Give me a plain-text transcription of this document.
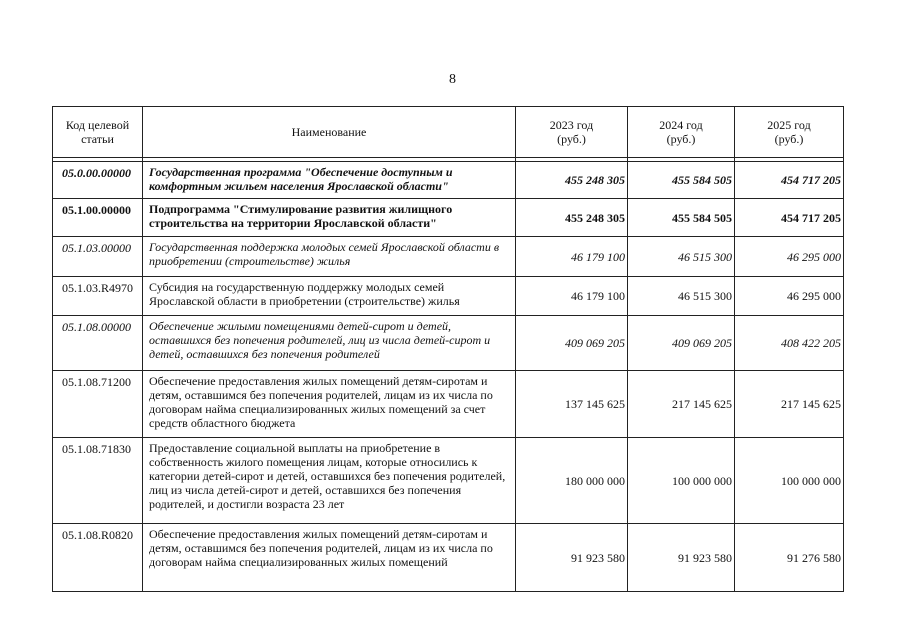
8
Код целевой статьи	Наименование	2023 год (руб.)	2024 год (руб.)	2025 год (руб.)

05.0.00.00000	Государственная программа "Обеспечение доступным и комфортным жильем населения Ярославской области"	455 248 305	455 584 505	454 717 205
05.1.00.00000	Подпрограмма "Стимулирование развития жилищного строительства на территории Ярославской области"	455 248 305	455 584 505	454 717 205
05.1.03.00000	Государственная поддержка молодых семей Ярославской области в приобретении (строительстве) жилья	46 179 100	46 515 300	46 295 000
05.1.03.R4970	Субсидия на государственную поддержку молодых семей Ярославской области в приобретении (строительстве) жилья	46 179 100	46 515 300	46 295 000
05.1.08.00000	Обеспечение жилыми помещениями детей-сирот и детей, оставшихся без попечения родителей, лиц из числа детей-сирот и детей, оставшихся без попечения родителей	409 069 205	409 069 205	408 422 205
05.1.08.71200	Обеспечение предоставления жилых помещений детям-сиротам и детям, оставшимся без попечения родителей, лицам из их числа по договорам найма специализированных жилых помещений за счет средств областного бюджета	137 145 625	217 145 625	217 145 625
05.1.08.71830	Предоставление социальной выплаты на приобретение в собственность жилого помещения лицам, которые относились к категории детей-сирот и детей, оставшихся без попечения родителей, лиц из числа детей-сирот и детей, оставшихся без попечения родителей, и достигли возраста 23 лет	180 000 000	100 000 000	100 000 000
05.1.08.R0820	Обеспечение предоставления жилых помещений детям-сиротам и детям, оставшимся без попечения родителей, лицам из их числа по договорам найма специализированных жилых помещений	91 923 580	91 923 580	91 276 580
